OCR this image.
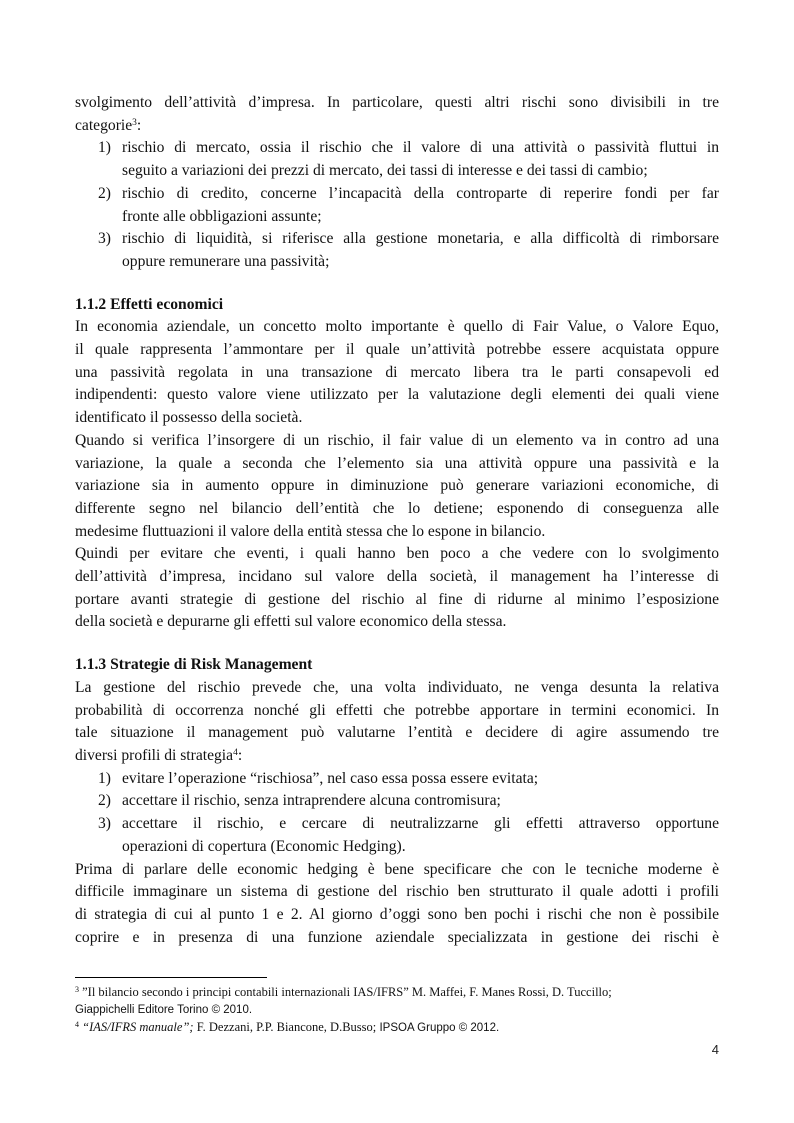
svolgimento dell’attività d’impresa. In particolare, questi altri rischi sono divisibili in tre
categorie$^3$:

1) rischio di mercato, ossia il rischio che il valore di una attività o passività fluttui in
seguito a variazioni dei prezzi di mercato, dei tassi di interesse e dei tassi di cambio;
2) rischio di credito, concerne l’incapacità della controparte di reperire fondi per far
fronte alle obbligazioni assunte;
3) rischio di liquidità, si riferisce alla gestione monetaria, e alla difficoltà di rimborsare
oppure remunerare una passività;
1.1.2 Effetti economici

In economia aziendale, un concetto molto importante è quello di Fair Value, o Valore Equo,
il quale rappresenta l’ammontare per il quale un’attività potrebbe essere acquistata oppure
una passività regolata in una transazione di mercato libera tra le parti consapevoli ed
indipendenti: questo valore viene utilizzato per la valutazione degli elementi dei quali viene
identificato il possesso della società.

Quando si verifica l’insorgere di un rischio, il fair value di un elemento va in contro ad una
variazione, la quale a seconda che l’elemento sia una attività oppure una passività e la
variazione sia in aumento oppure in diminuzione può generare variazioni economiche, di
differente segno nel bilancio dell’entità che lo detiene; esponendo di conseguenza alle
medesime fluttuazioni il valore della entità stessa che lo espone in bilancio.

Quindi per evitare che eventi, i quali hanno ben poco a che vedere con lo svolgimento
dell’attività d’impresa, incidano sul valore della società, il management ha l’interesse di
portare avanti strategie di gestione del rischio al fine di ridurne al minimo l’esposizione
della società e depurarne gli effetti sul valore economico della stessa.

1.1.3 Strategie di Risk Management

La gestione del rischio prevede che, una volta individuato, ne venga desunta la relativa
probabilità di occorrenza nonché gli effetti che potrebbe apportare in termini economici. In
tale situazione il management può valutarne l’entità e decidere di agire assumendo tre
diversi profili di strategia$^4$:

1) evitare l’operazione “rischiosa”, nel caso essa possa essere evitata;
2) accettare il rischio, senza intraprendere alcuna contromisura;
3) accettare il rischio, e cercare di neutralizzarne gli effetti attraverso opportune
operazioni di copertura (Economic Hedging).

Prima di parlare delle economic hedging è bene specificare che con le tecniche moderne è
difficile immaginare un sistema di gestione del rischio ben strutturato il quale adotti i profili
di strategia di cui al punto 1 e 2. Al giorno d’oggi sono ben pochi i rischi che non è possibile
coprire e in presenza di una funzione aziendale specializzata in gestione dei rischi è

$^3$ ”Il bilancio secondo i principi contabili internazionali IAS/IFRS” M. Maffei, F. Manes Rossi, D. Tuccillo;
Giappichelli Editore Torino © 2010.
$^4$ “IAS/IFRS manuale”; F. Dezzani, P.P. Biancone, D.Busso; IPSOA Gruppo © 2012.
4
